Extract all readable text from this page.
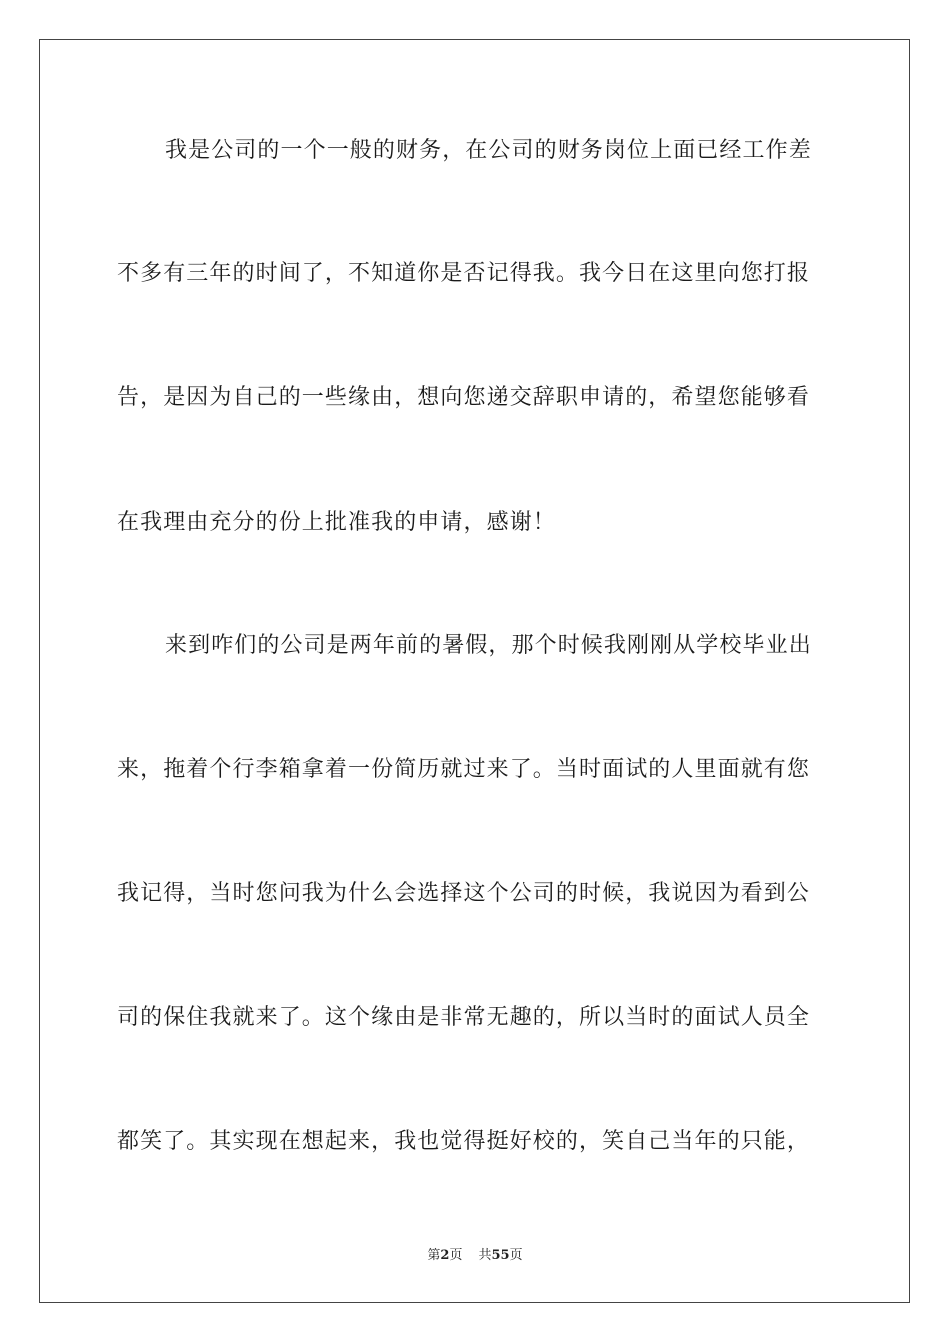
我是公司的一个一般的财务，在公司的财务岗位上面已经工作差
不多有三年的时间了，不知道你是否记得我。我今日在这里向您打报
告，是因为自己的一些缘由，想向您递交辞职申请的，希望您能够看
在我理由充分的份上批准我的申请，感谢！
来到咋们的公司是两年前的暑假，那个时候我刚刚从学校毕业出
来，拖着个行李箱拿着一份简历就过来了。当时面试的人里面就有您
我记得，当时您问我为什么会选择这个公司的时候，我说因为看到公
司的保住我就来了。这个缘由是非常无趣的，所以当时的面试人员全
都笑了。其实现在想起来，我也觉得挺好校的，笑自己当年的只能，
第2页 共55页
